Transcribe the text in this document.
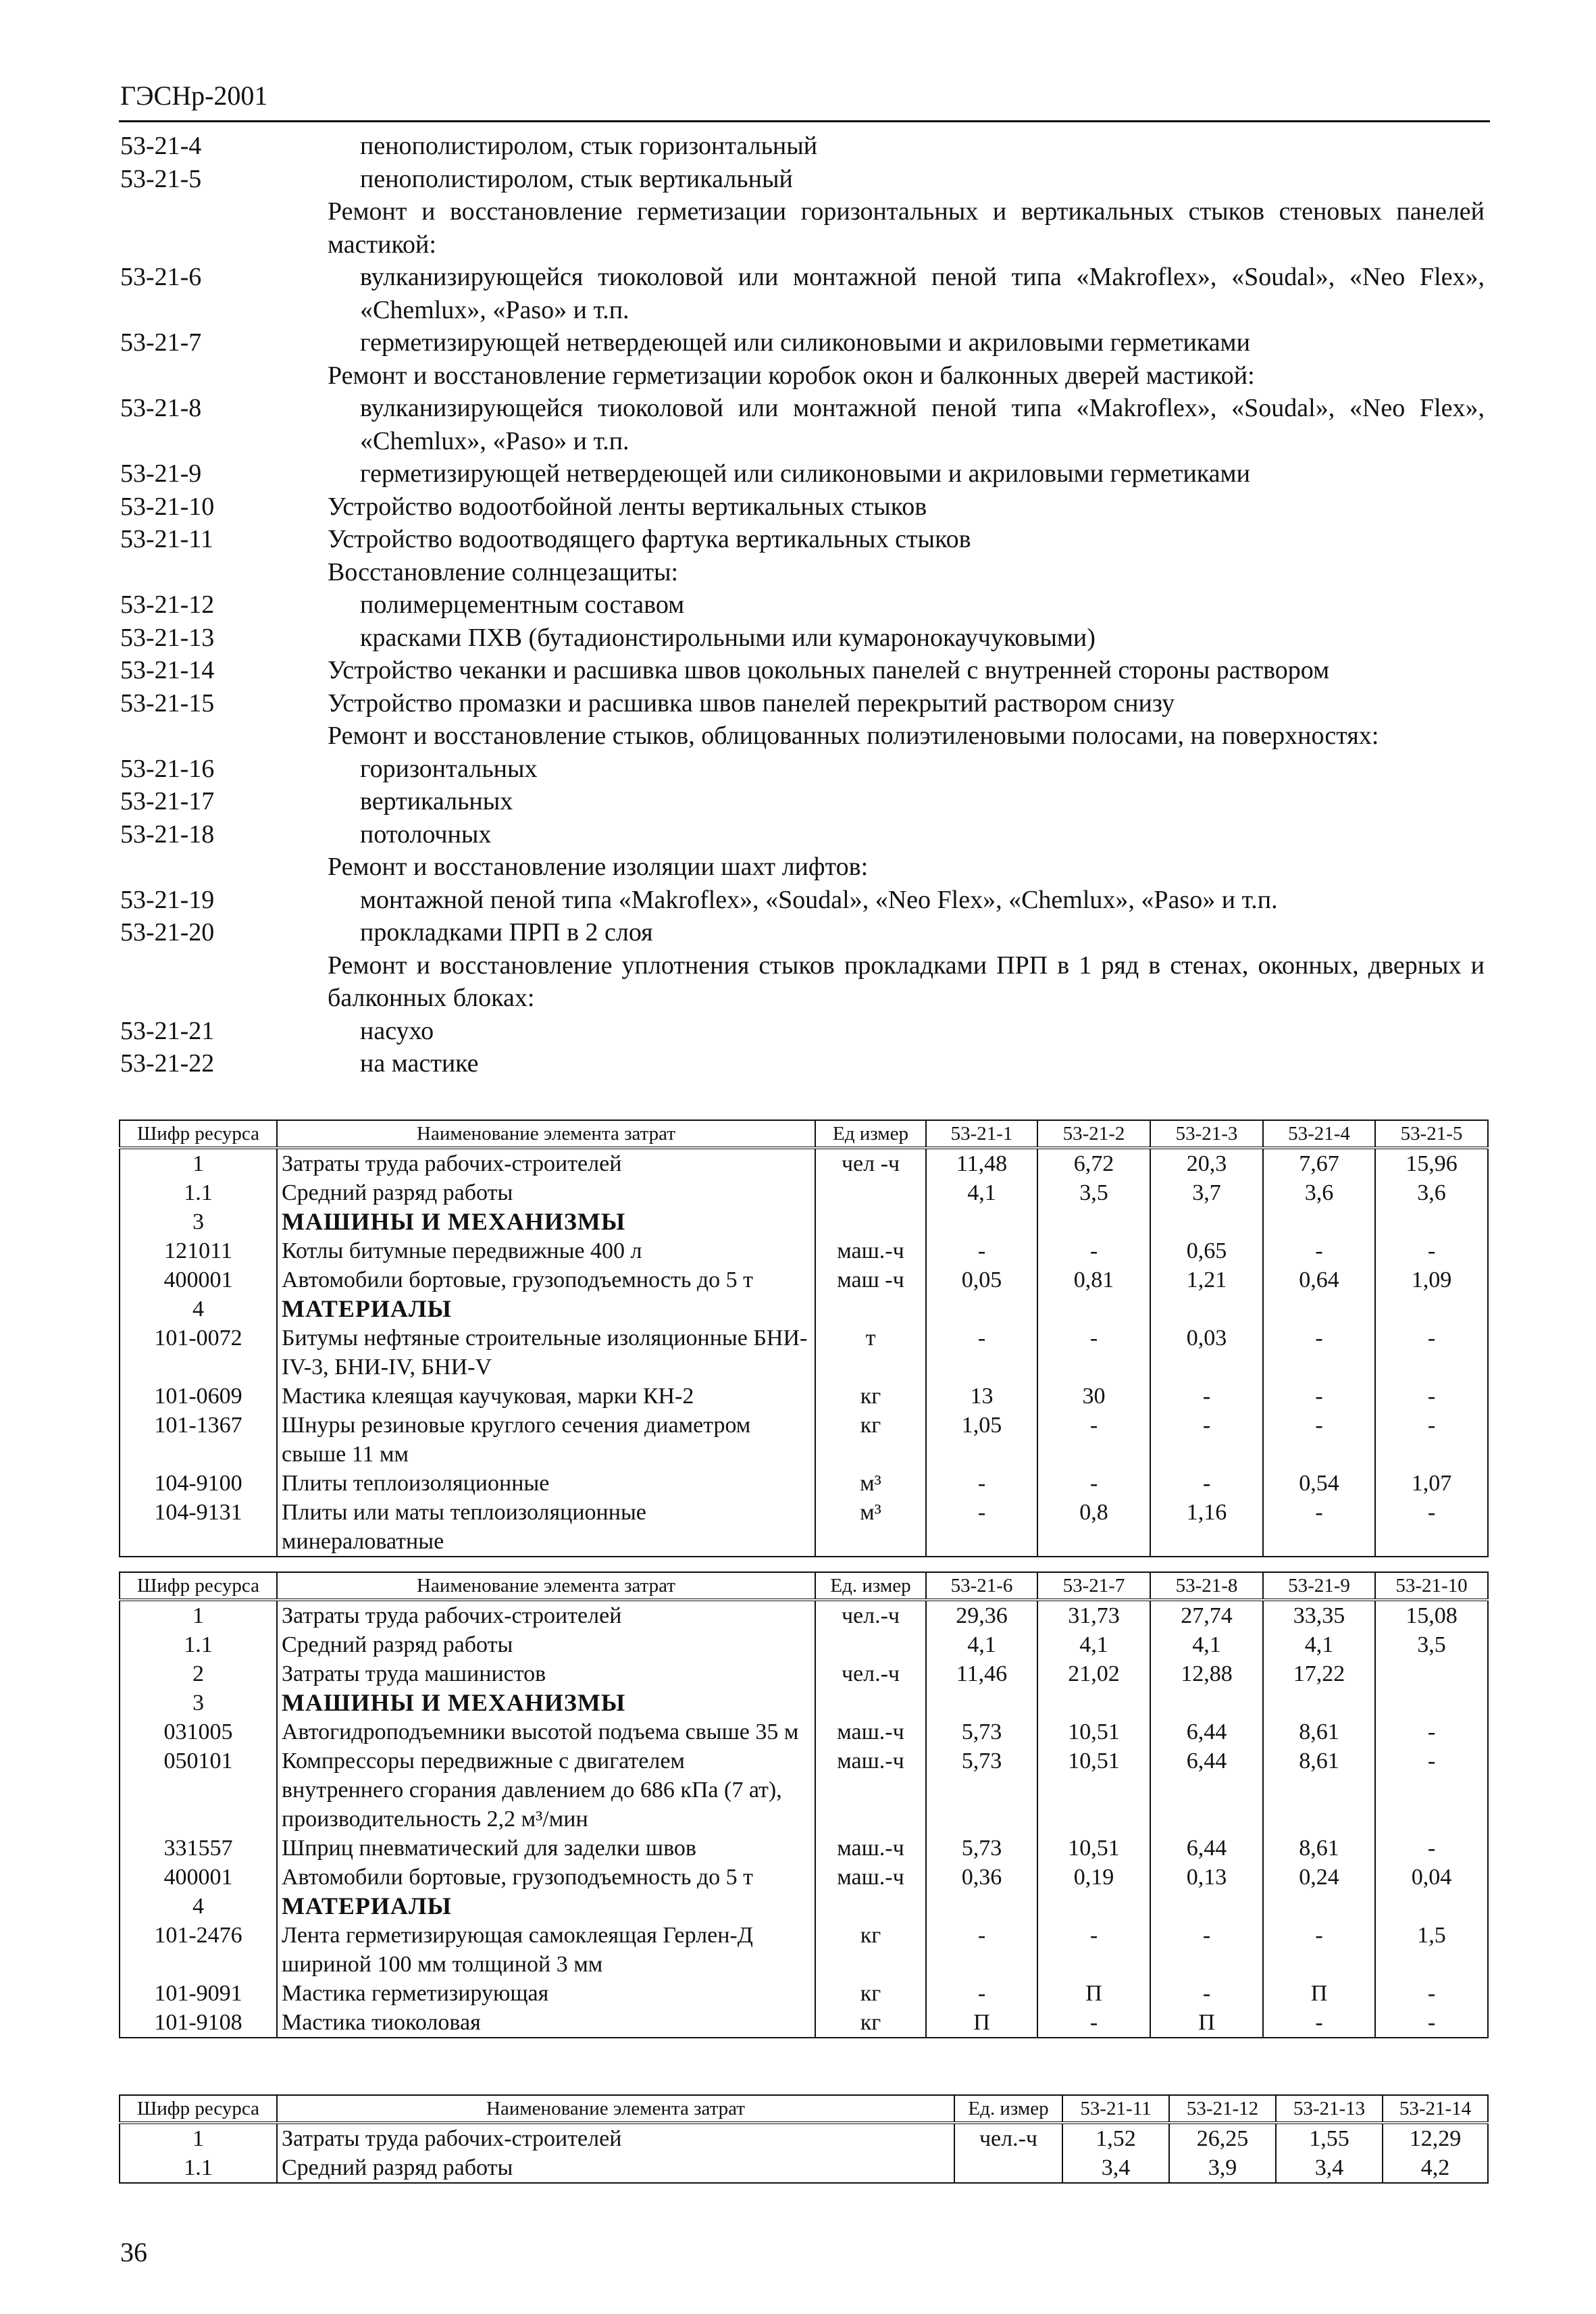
ГЭСНр-2001
53-21-4	пенополистиролом, стык горизонтальный
53-21-5	пенополистиролом, стык вертикальный
Ремонт и восстановление герметизации горизонтальных и вертикальных стыков стеновых панелей мастикой:
53-21-6	вулканизирующейся тиоколовой или монтажной пеной типа «Makroflex», «Soudal», «Neo Flex», «Chemlux», «Paso» и т.п.
53-21-7	герметизирующей нетвердеющей или силиконовыми и акриловыми герметиками
Ремонт и восстановление герметизации коробок окон и балконных дверей мастикой:
53-21-8	вулканизирующейся тиоколовой или монтажной пеной типа «Makroflex», «Soudal», «Neo Flex», «Chemlux», «Paso» и т.п.
53-21-9	герметизирующей нетвердеющей или силиконовыми и акриловыми герметиками
53-21-10	Устройство водоотбойной ленты вертикальных стыков
53-21-11	Устройство водоотводящего фартука вертикальных стыков
Восстановление солнцезащиты:
53-21-12	полимерцементным составом
53-21-13	красками ПХВ (бутадионстирольными или кумаронокаучуковыми)
53-21-14	Устройство чеканки и расшивка швов цокольных панелей с внутренней стороны раствором
53-21-15	Устройство промазки и расшивка швов панелей перекрытий раствором снизу
Ремонт и восстановление стыков, облицованных полиэтиленовыми полосами, на поверхностях:
53-21-16	горизонтальных
53-21-17	вертикальных
53-21-18	потолочных
Ремонт и восстановление изоляции шахт лифтов:
53-21-19	монтажной пеной типа «Makroflex», «Soudal», «Neo Flex», «Chemlux», «Paso» и т.п.
53-21-20	прокладками ПРП в 2 слоя
Ремонт и восстановление уплотнения стыков прокладками ПРП в 1 ряд в стенах, оконных, дверных и балконных блоках:
53-21-21	насухо
53-21-22	на мастике
Шифр ресурса	Наименование элемента затрат	Ед измер	53-21-1	53-21-2	53-21-3	53-21-4	53-21-5
1	Затраты труда рабочих-строителей	чел -ч	11,48	6,72	20,3	7,67	15,96
1.1	Средний разряд работы		4,1	3,5	3,7	3,6	3,6
3	МАШИНЫ И МЕХАНИЗМЫ						
121011	Котлы битумные передвижные 400 л	маш.-ч	-	-	0,65	-	-
400001	Автомобили бортовые, грузоподъемность до 5 т	маш -ч	0,05	0,81	1,21	0,64	1,09
4	МАТЕРИАЛЫ						
101-0072	Битумы нефтяные строительные изоляционные БНИ-IV-3, БНИ-IV, БНИ-V	т	-	-	0,03	-	-
101-0609	Мастика клеящая каучуковая, марки КН-2	кг	13	30	-	-	-
101-1367	Шнуры резиновые круглого сечения диаметром свыше 11 мм	кг	1,05	-	-	-	-
104-9100	Плиты теплоизоляционные	м³	-	-	-	0,54	1,07
104-9131	Плиты или маты теплоизоляционные минераловатные	м³	-	0,8	1,16	-	-
Шифр ресурса	Наименование элемента затрат	Ед. измер	53-21-6	53-21-7	53-21-8	53-21-9	53-21-10
1	Затраты труда рабочих-строителей	чел.-ч	29,36	31,73	27,74	33,35	15,08
1.1	Средний разряд работы		4,1	4,1	4,1	4,1	3,5
2	Затраты труда машинистов	чел.-ч	11,46	21,02	12,88	17,22	
3	МАШИНЫ И МЕХАНИЗМЫ						
031005	Автогидроподъемники высотой подъема свыше 35 м	маш.-ч	5,73	10,51	6,44	8,61	-
050101	Компрессоры передвижные с двигателем внутреннего сгорания давлением до 686 кПа (7 ат), производительность 2,2 м³/мин	маш.-ч	5,73	10,51	6,44	8,61	-
331557	Шприц пневматический для заделки швов	маш.-ч	5,73	10,51	6,44	8,61	-
400001	Автомобили бортовые, грузоподъемность до 5 т	маш.-ч	0,36	0,19	0,13	0,24	0,04
4	МАТЕРИАЛЫ						
101-2476	Лента герметизирующая самоклеящая Герлен-Д шириной 100 мм толщиной 3 мм	кг	-	-	-	-	1,5
101-9091	Мастика герметизирующая	кг	-	П	-	П	-
101-9108	Мастика тиоколовая	кг	П	-	П	-	-
Шифр ресурса	Наименование элемента затрат	Ед. измер	53-21-11	53-21-12	53-21-13	53-21-14
1	Затраты труда рабочих-строителей	чел.-ч	1,52	26,25	1,55	12,29
1.1	Средний разряд работы		3,4	3,9	3,4	4,2
36
